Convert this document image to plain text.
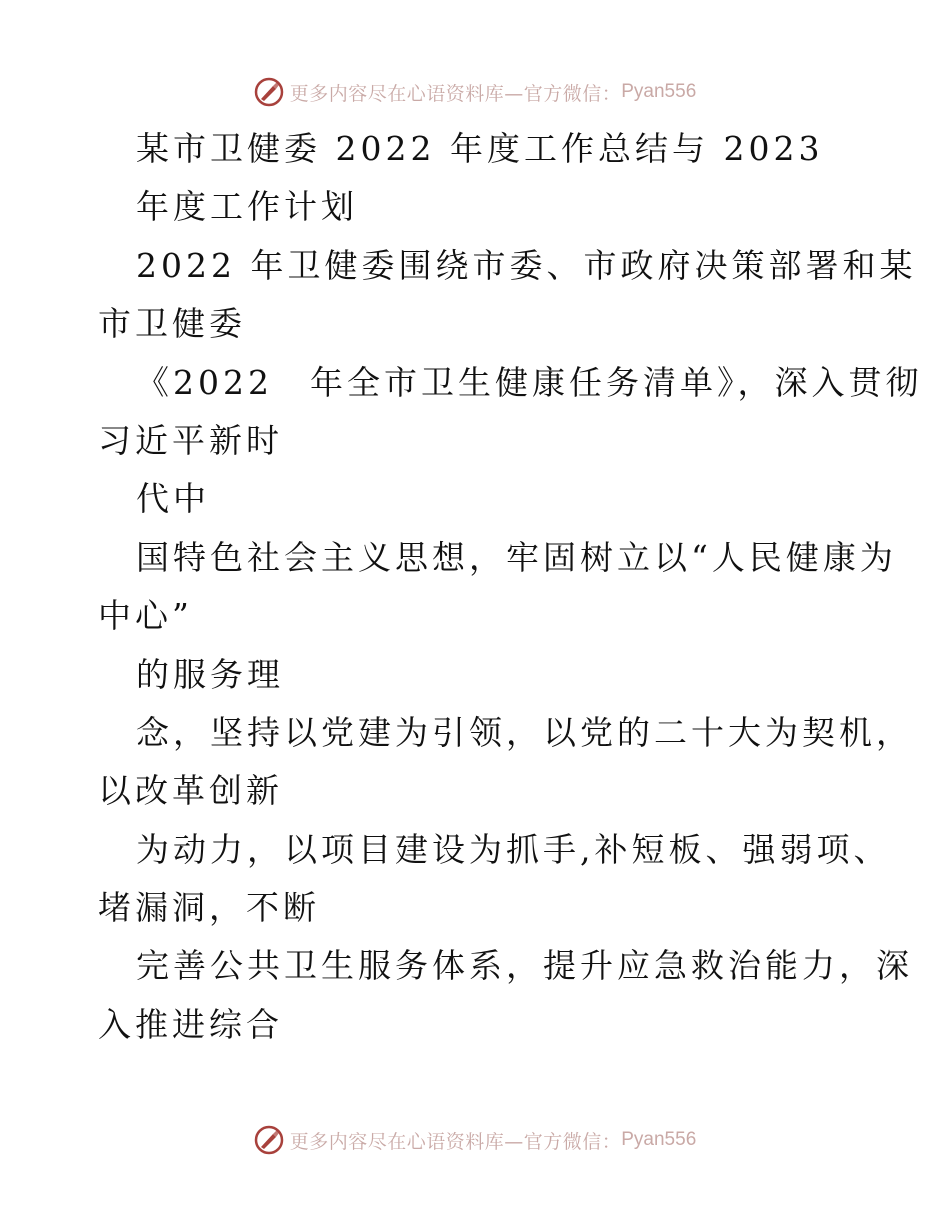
更多内容尽在心语资料库—官方微信： Pyan556
某市卫健委 2022 年度工作总结与 2023
年度工作计划
2022 年卫健委围绕市委、市政府决策部署和某
市卫健委
《2022　年全市卫生健康任务清单》，深入贯彻
习近平新时
代中
国特色社会主义思想，牢固树立以“人民健康为
中心”
的服务理
念，坚持以党建为引领，以党的二十大为契机，
以改革创新
为动力，以项目建设为抓手,补短板、强弱项、
堵漏洞，不断
完善公共卫生服务体系，提升应急救治能力，深
入推进综合
更多内容尽在心语资料库—官方微信： Pyan556
